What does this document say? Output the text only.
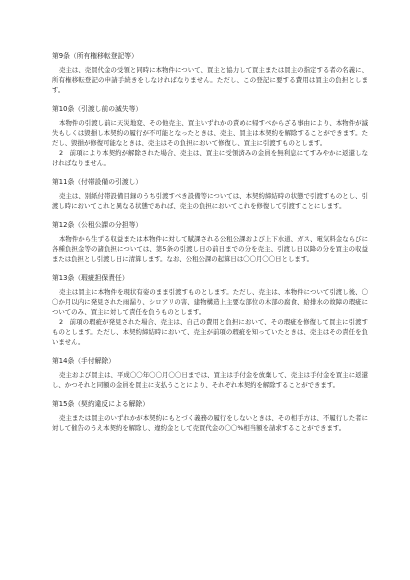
第9条（所有権移転登記等）

売主は、売買代金の受領と同時に本物件について、買主と協力して買主または買主の指定する者の名義に、所有権移転登記の申請手続きをしなければなりません。ただし、この登記に要する費用は買主の負担とします。

第10条（引渡し前の滅失等）

本物件の引渡し前に天災地変、その他売主、買主いずれかの責めに帰すべからざる事由により、本物件が滅失もしくは毀損し本契約の履行が不可能となったときは、売主、買主は本契約を解除することができます。ただし、毀損が修復可能なときは、売主はその負担において修復し、買主に引渡すものとします。

2　前項により本契約が解除された場合、売主は、買主に受領済みの金員を無利息にてすみやかに返還しなければなりません。

第11条（付帯設備の引渡し）

売主は、別紙付帯設備目録のうち引渡すべき設備等については、本契約締結時の状態で引渡すものとし、引渡し時においてこれと異なる状態であれば、売主の負担においてこれを修復して引渡すことにします。

第12条（公租公課の分担等）

本物件から生ずる収益または本物件に対して賦課される公租公課および上下水道、ガス、電気料金ならびに各種負担金等の諸負担については、第5条の引渡し日の前日までの分を売主、引渡し日以降の分を買主の収益または負担とし引渡し日に清算します。なお、公租公課の起算日は〇〇月〇〇日とします。

第13条（瑕疵担保責任）

売主は買主に本物件を現状有姿のまま引渡すものとします。ただし、売主は、本物件について引渡し後、〇〇か月以内に発見された雨漏り、シロアリの害、建物構造上主要な部位の木部の腐食、給排水の故障の瑕疵についてのみ、買主に対して責任を負うものとします。

2　前項の瑕疵が発見された場合、売主は、自己の費用と負担において、その瑕疵を修復して買主に引渡すものとします。ただし、本契約締結時において、売主が前項の瑕疵を知っていたときは、売主はその責任を負いません。

第14条（手付解除）

売主および買主は、平成〇〇年〇〇月〇〇日までは、買主は手付金を放棄して、売主は手付金を買主に返還し、かつそれと同額の金員を買主に支払うことにより、それぞれ本契約を解除することができます。

第15条（契約違反による解除）

売主または買主のいずれかが本契約にもとづく義務の履行をしないときは、その相手方は、不履行した者に対して催告のうえ本契約を解除し、違約金として売買代金の〇〇%相当額を請求することができます。
